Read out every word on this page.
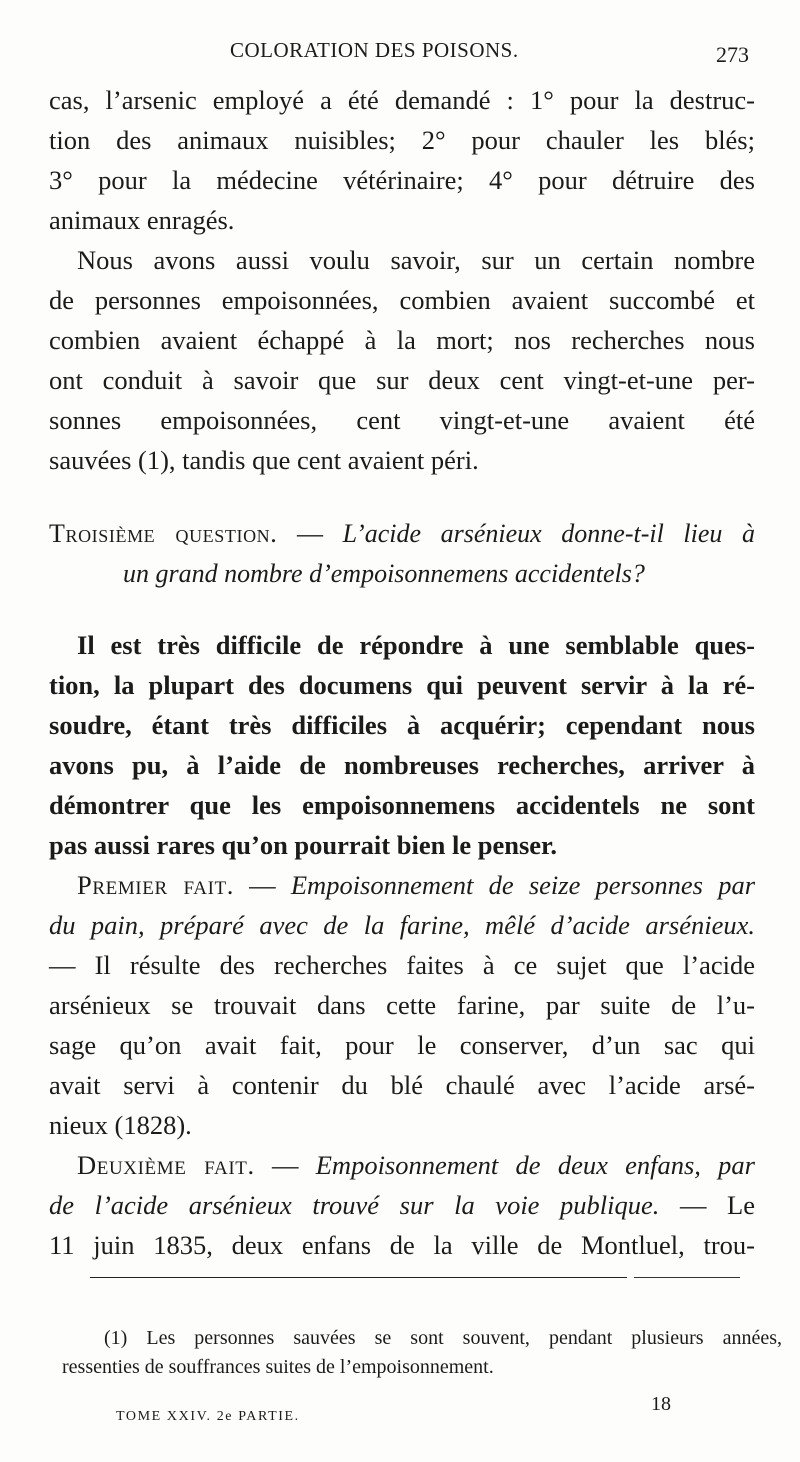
COLORATION DES POISONS.	273
cas, l’arsenic employé a été demandé : 1° pour la destruc-
tion des animaux nuisibles; 2° pour chauler les blés;
3° pour la médecine vétérinaire; 4° pour détruire des
animaux enragés.
Nous avons aussi voulu savoir, sur un certain nombre
de personnes empoisonnées, combien avaient succombé et
combien avaient échappé à la mort; nos recherches nous
ont conduit à savoir que sur deux cent vingt-et-une per-
sonnes empoisonnées, cent vingt-et-une avaient été
sauvées (1), tandis que cent avaient péri.
Troisième question. — L’acide arsénieux donne-t-il lieu à
un grand nombre d’empoisonnemens accidentels?
Il est très difficile de répondre à une semblable ques-
tion, la plupart des documens qui peuvent servir à la ré-
soudre, étant très difficiles à acquérir; cependant nous
avons pu, à l’aide de nombreuses recherches, arriver à
démontrer que les empoisonnemens accidentels ne sont
pas aussi rares qu’on pourrait bien le penser.
Premier fait. — Empoisonnement de seize personnes par
du pain, préparé avec de la farine, mêlé d’acide arsénieux.
— Il résulte des recherches faites à ce sujet que l’acide
arsénieux se trouvait dans cette farine, par suite de l’u-
sage qu’on avait fait, pour le conserver, d’un sac qui
avait servi à contenir du blé chaulé avec l’acide arsé-
nieux (1828).
Deuxième fait. — Empoisonnement de deux enfans, par
de l’acide arsénieux trouvé sur la voie publique. — Le
11 juin 1835, deux enfans de la ville de Montluel, trou-
(1) Les personnes sauvées se sont souvent, pendant plusieurs années,
ressenties de souffrances suites de l’empoisonnement.
TOME XXIV. 2e PARTIE.
18
